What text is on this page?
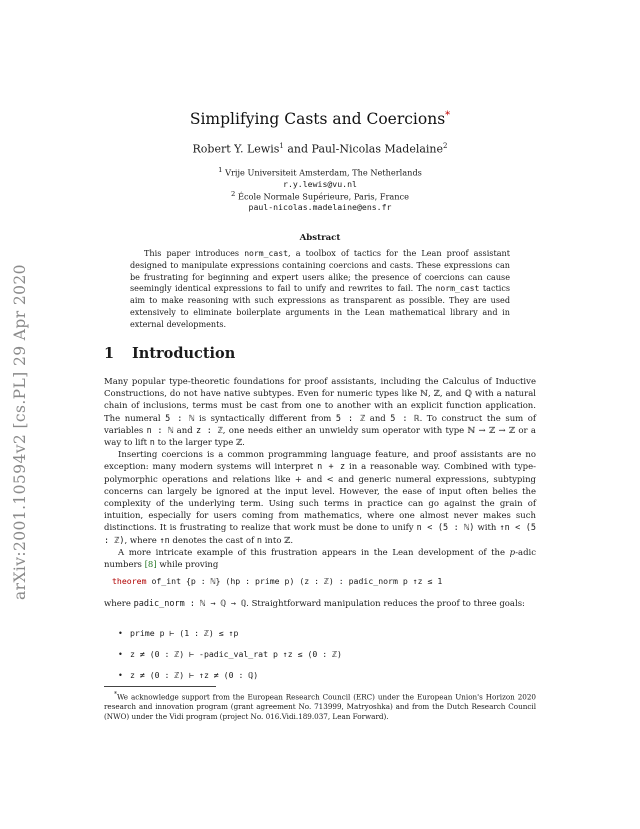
arXiv:2001.10594v2 [cs.PL] 29 Apr 2020
Simplifying Casts and Coercions*
Robert Y. Lewis$^1$ and Paul-Nicolas Madelaine$^2$
$^1$ Vrije Universiteit Amsterdam, The Netherlands
r.y.lewis@vu.nl
$^2$ École Normale Supérieure, Paris, France
paul-nicolas.madelaine@ens.fr
Abstract

This paper introduces norm_cast, a toolbox of tactics for the Lean proof assistant designed to manipulate expressions containing coercions and casts. These expressions can be frustrating for beginning and expert users alike; the presence of coercions can cause seemingly identical expressions to fail to unify and rewrites to fail. The norm_cast tactics aim to make reasoning with such expressions as transparent as possible. They are used extensively to eliminate boilerplate arguments in the Lean mathematical library and in external developments.

1 Introduction

Many popular type-theoretic foundations for proof assistants, including the Calculus of Inductive Constructions, do not have native subtypes. Even for numeric types like ℕ, ℤ, and ℚ with a natural chain of inclusions, terms must be cast from one to another with an explicit function application. The numeral 5 : ℕ is syntactically different from 5 : ℤ and 5 : ℝ. To construct the sum of variables n : ℕ and z : ℤ, one needs either an unwieldy sum operator with type ℕ → ℤ → ℤ or a way to lift n to the larger type ℤ.

Inserting coercions is a common programming language feature, and proof assistants are no exception: many modern systems will interpret n + z in a reasonable way. Combined with type-polymorphic operations and relations like + and < and generic numeral expressions, subtyping concerns can largely be ignored at the input level. However, the ease of input often belies the complexity of the underlying term. Using such terms in practice can go against the grain of intuition, especially for users coming from mathematics, where one almost never makes such distinctions. It is frustrating to realize that work must be done to unify n < (5 : ℕ) with ↑n < (5 : ℤ), where ↑n denotes the cast of n into ℤ.

A more intricate example of this frustration appears in the Lean development of the p-adic numbers [8] while proving

theorem of_int {p : ℕ} (hp : prime p) (z : ℤ) : padic_norm p ↑z ≤ 1

where padic_norm : ℕ → ℚ → ℚ. Straightforward manipulation reduces the proof to three goals:

• prime p ⊢ (1 : ℤ) ≤ ↑p
• z ≠ (0 : ℤ) ⊢ -padic_val_rat p ↑z ≤ (0 : ℤ)
• z ≠ (0 : ℤ) ⊢ ↑z ≠ (0 : ℚ)

*We acknowledge support from the European Research Council (ERC) under the European Union's Horizon 2020 research and innovation program (grant agreement No. 713999, Matryoshka) and from the Dutch Research Council (NWO) under the Vidi program (project No. 016.Vidi.189.037, Lean Forward).
